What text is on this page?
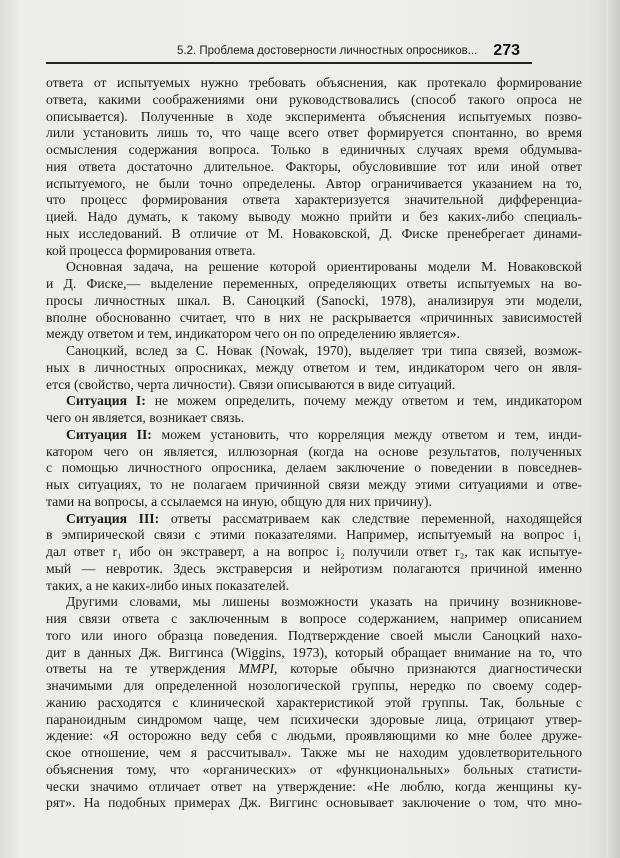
5.2. Проблема достоверности личностных опросников... 273
ответа от испытуемых нужно требовать объяснения, как протекало формирование
ответа, какими соображениями они руководствовались (способ такого опроса не
описывается). Полученные в ходе эксперимента объяснения испытуемых позво-
лили установить лишь то, что чаще всего ответ формируется спонтанно, во время
осмысления содержания вопроса. Только в единичных случаях время обдумыва-
ния ответа достаточно длительное. Факторы, обусловившие тот или иной ответ
испытуемого, не были точно определены. Автор ограничивается указанием на то,
что процесс формирования ответа характеризуется значительной дифференциа-
цией. Надо думать, к такому выводу можно прийти и без каких-либо специаль-
ных исследований. В отличие от М. Новаковской, Д. Фиске пренебрегает динами-
кой процесса формирования ответа.
Основная задача, на решение которой ориентированы модели М. Новаковской
и Д. Фиске,— выделение переменных, определяющих ответы испытуемых на во-
просы личностных шкал. В. Саноцкий (Sanocki, 1978), анализируя эти модели,
вполне обоснованно считает, что в них не раскрывается «причинных зависимостей
между ответом и тем, индикатором чего он по определению является».
Саноцкий, вслед за С. Новак (Nowak, 1970), выделяет три типа связей, возмож-
ных в личностных опросниках, между ответом и тем, индикатором чего он явля-
ется (свойство, черта личности). Связи описываются в виде ситуаций.
Ситуация I: не можем определить, почему между ответом и тем, индикатором
чего он является, возникает связь.
Ситуация II: можем установить, что корреляция между ответом и тем, инди-
катором чего он является, иллюзорная (когда на основе результатов, полученных
с помощью личностного опросника, делаем заключение о поведении в повседнев-
ных ситуациях, то не полагаем причинной связи между этими ситуациями и отве-
тами на вопросы, а ссылаемся на иную, общую для них причину).
Ситуация III: ответы рассматриваем как следствие переменной, находящейся
в эмпирической связи с этими показателями. Например, испытуемый на вопрос i₁
дал ответ r₁ ибо он экстраверт, а на вопрос i₂ получили ответ r₂, так как испытуе-
мый — невротик. Здесь экстраверсия и нейротизм полагаются причиной именно
таких, а не каких-либо иных показателей.
Другими словами, мы лишены возможности указать на причину возникнове-
ния связи ответа с заключенным в вопросе содержанием, например описанием
того или иного образца поведения. Подтверждение своей мысли Саноцкий нахо-
дит в данных Дж. Виггинса (Wiggins, 1973), который обращает внимание на то, что
ответы на те утверждения MMPI, которые обычно признаются диагностически
значимыми для определенной нозологической группы, нередко по своему содер-
жанию расходятся с клинической характеристикой этой группы. Так, больные с
параноидным синдромом чаще, чем психически здоровые лица, отрицают утвер-
ждение: «Я осторожно веду себя с людьми, проявляющими ко мне более друже-
ское отношение, чем я рассчитывал». Также мы не находим удовлетворительного
объяснения тому, что «органических» от «функциональных» больных статисти-
чески значимо отличает ответ на утверждение: «Не люблю, когда женщины ку-
рят». На подобных примерах Дж. Виггинс основывает заключение о том, что мно-
